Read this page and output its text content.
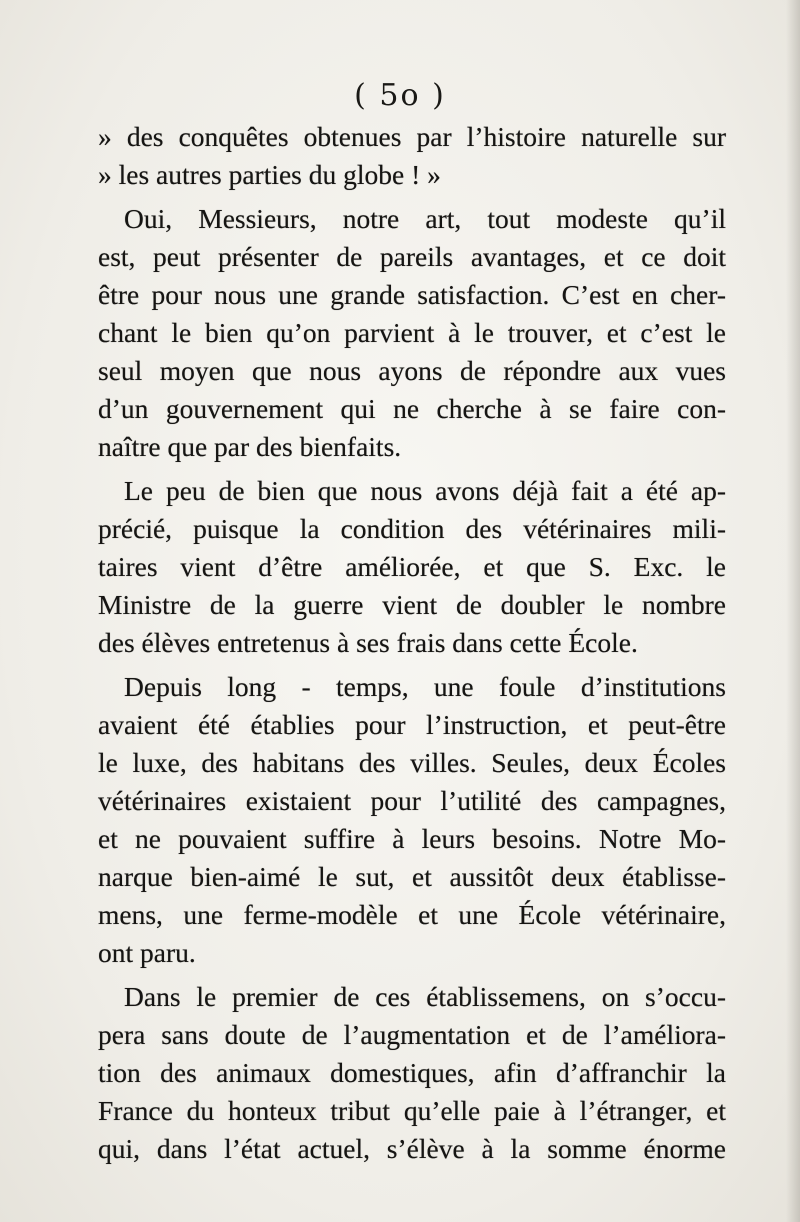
( 5o )
» des conquêtes obtenues par l’histoire naturelle sur
» les autres parties du globe ! »
Oui, Messieurs, notre art, tout modeste qu’il
est, peut présenter de pareils avantages, et ce doit
être pour nous une grande satisfaction. C’est en cher-
chant le bien qu’on parvient à le trouver, et c’est le
seul moyen que nous ayons de répondre aux vues
d’un gouvernement qui ne cherche à se faire con-
naître que par des bienfaits.
Le peu de bien que nous avons déjà fait a été ap-
précié, puisque la condition des vétérinaires mili-
taires vient d’être améliorée, et que S. Exc. le
Ministre de la guerre vient de doubler le nombre
des élèves entretenus à ses frais dans cette École.
Depuis long - temps, une foule d’institutions
avaient été établies pour l’instruction, et peut-être
le luxe, des habitans des villes. Seules, deux Écoles
vétérinaires existaient pour l’utilité des campagnes,
et ne pouvaient suffire à leurs besoins. Notre Mo-
narque bien-aimé le sut, et aussitôt deux établisse-
mens, une ferme-modèle et une École vétérinaire,
ont paru.
Dans le premier de ces établissemens, on s’occu-
pera sans doute de l’augmentation et de l’améliora-
tion des animaux domestiques, afin d’affranchir la
France du honteux tribut qu’elle paie à l’étranger, et
qui, dans l’état actuel, s’élève à la somme énorme
